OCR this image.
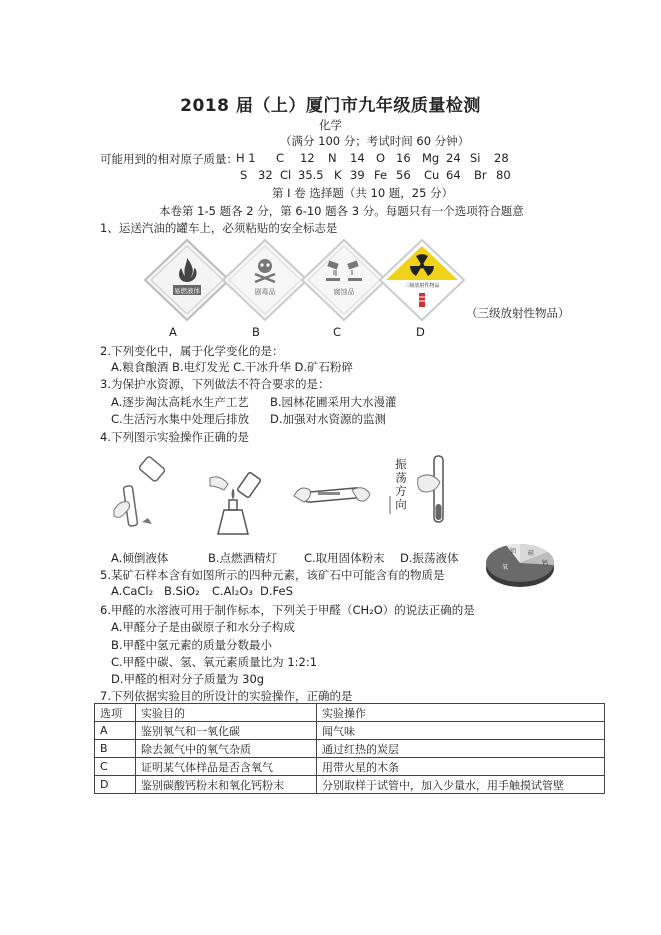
2018 届（上）厦门市九年级质量检测
化学
（满分 100 分；考试时间 60 分钟）
可能用到的相对原子质量：
H 1 C 12 N 14 O 16 Mg 24 Si 28
S 32 Cl 35.5 K 39 Fe 56 Cu 64 Br 80
第 I 卷 选择题（共 10 题，25 分）
本卷第 1-5 题各 2 分，第 6-10 题各 3 分。每题只有一个选项符合题意
1、运送汽油的罐车上，必须粘贴的安全标志是
易燃液体	剧毒品	腐蚀品
三级放射性物品
（三级放射性物品）
A	B	C	D
2.下列变化中，属于化学变化的是：
A.粮食酿酒 B.电灯发光 C.干冰升华 D.矿石粉碎
3.为保护水资源，下列做法不符合要求的是：
A.逐步淘汰高耗水生产工艺 B.园林花圃采用大水漫灌
C.生活污水集中处理后排放 D.加强对水资源的监测
4.下列图示实验操作正确的是
振荡方向
A.倾倒液体	B.点燃酒精灯 C.取用固体粉末 D.振荡液体	硅
铝
氧
钙
5.某矿石样本含有如图所示的四种元素，该矿石中可能含有的物质是
A.CaCl₂ B.SiO₂ C.Al₂O₃ D.FeS
6.甲醛的水溶液可用于制作标本，下列关于甲醛（CH₂O）的说法正确的是
A.甲醛分子是由碳原子和水分子构成
B.甲醛中氢元素的质量分数最小
C.甲醛中碳、氢、氧元素质量比为 1:2:1
D.甲醛的相对分子质量为 30g
7.下列依据实验目的所设计的实验操作，正确的是
选项	实验目的	实验操作
A	鉴别氧气和一氧化碳	闻气味
B	除去氮气中的氧气杂质	通过红热的炭层
C	证明某气体样品是否含氧气	用带火星的木条
D	鉴别碳酸钙粉末和氧化钙粉末	分别取样于试管中，加入少量水，用手触摸试管壁
